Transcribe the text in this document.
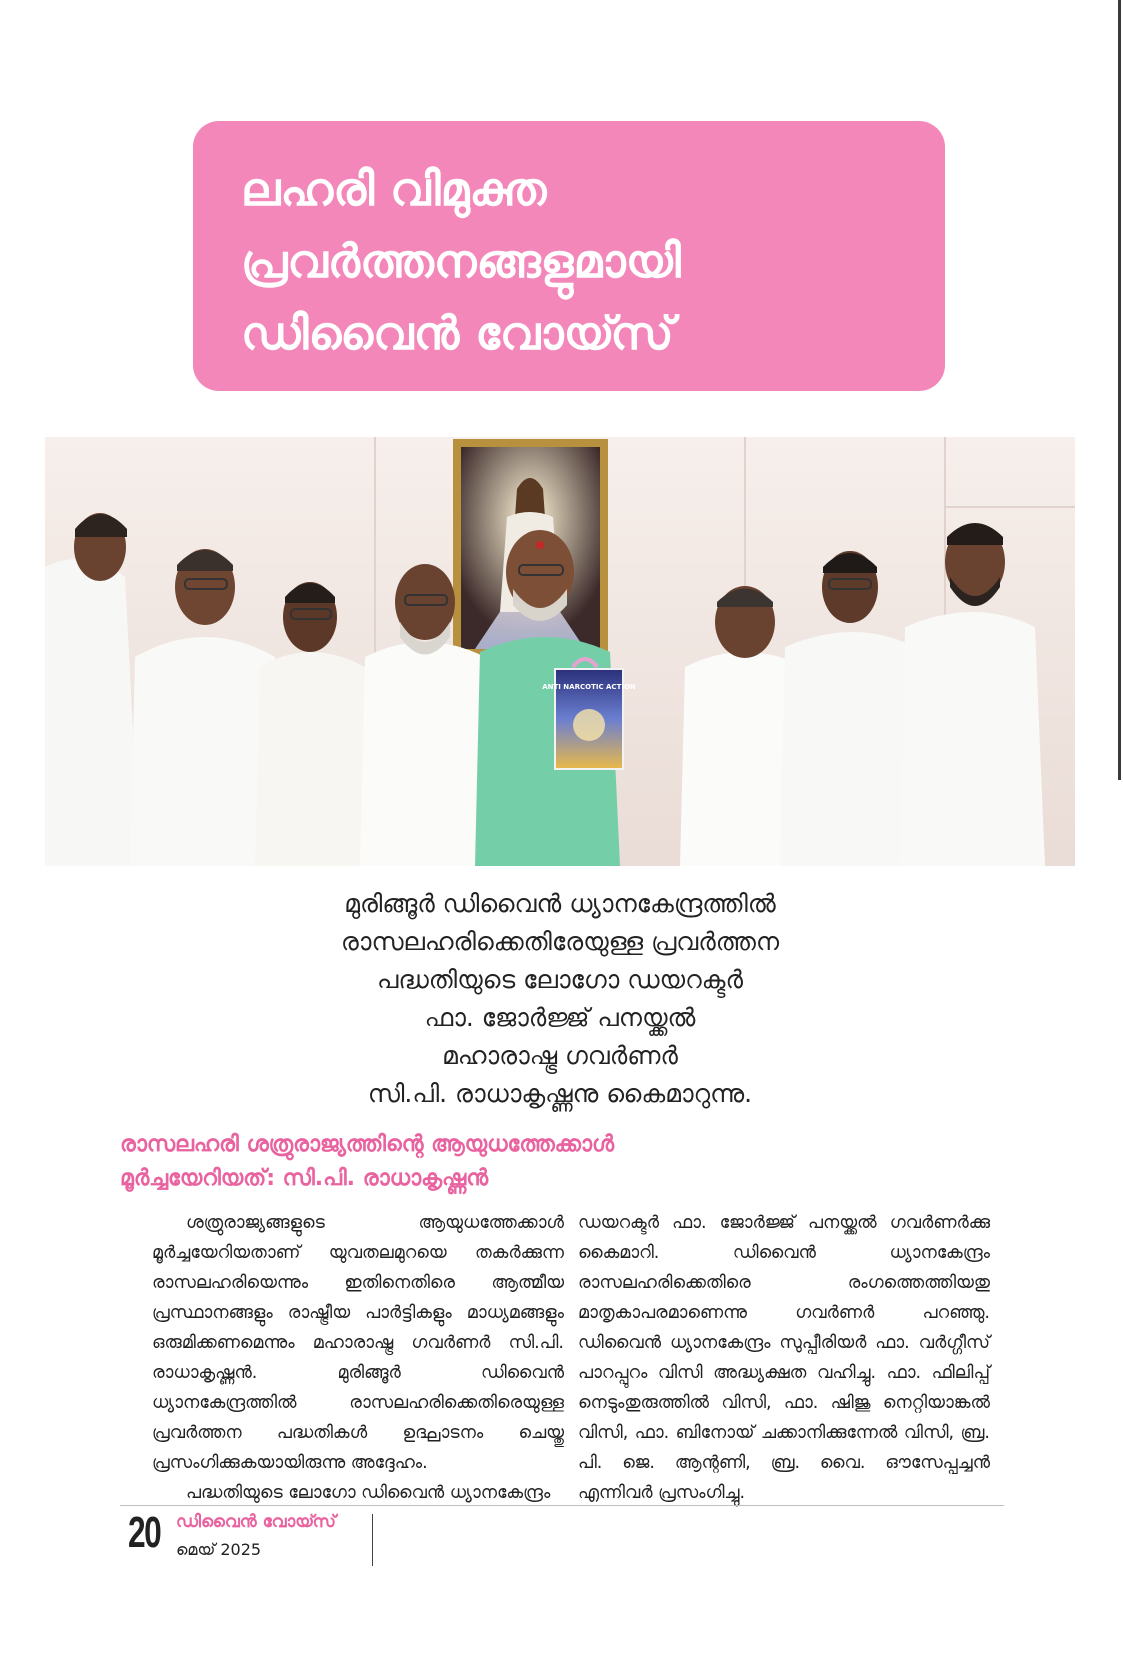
ലഹരി വിമുക്ത
പ്രവർത്തനങ്ങളുമായി
ഡിവൈൻ വോയ്സ്
ANTI NARCOTIC ACTION
മുരിങ്ങൂർ ഡിവൈൻ ധ്യാനകേന്ദ്രത്തിൽ
രാസലഹരിക്കെതിരേയുള്ള പ്രവർത്തന
പദ്ധതിയുടെ ലോഗോ ഡയറക്ടർ
ഫാ. ജോർജ്ജ് പനയ്ക്കൽ
മഹാരാഷ്ട്ര ഗവർണർ
സി.പി. രാധാകൃഷ്ണനു കൈമാറുന്നു.
രാസലഹരി ശത്രുരാജ്യത്തിന്റെ ആയുധത്തേക്കാൾ
മൂർച്ചയേറിയത്: സി.പി. രാധാകൃഷ്ണൻ

ശത്രുരാജ്യങ്ങളുടെ ആയുധത്തേക്കാൾ മൂർച്ചയേറിയതാണ് യുവതലമുറയെ തകർക്കുന്ന രാസലഹരിയെന്നും ഇതിനെതിരെ ആത്മീയ പ്രസ്ഥാനങ്ങളും രാഷ്ട്രീയ പാർട്ടികളും മാധ്യമങ്ങളും ഒരുമിക്കണമെന്നും മഹാരാഷ്ട്ര ഗവർണർ സി.പി. രാധാകൃഷ്ണൻ. മുരിങ്ങൂർ ഡിവൈൻ ധ്യാനകേന്ദ്രത്തിൽ രാസലഹരിക്കെതിരെയുള്ള പ്രവർത്തന പദ്ധതികൾ ഉദ്ഘാടനം ചെയ്തു പ്രസംഗിക്കുകയായിരുന്നു അദ്ദേഹം.

പദ്ധതിയുടെ ലോഗോ ഡിവൈൻ ധ്യാനകേന്ദ്രം

ഡയറക്ടർ ഫാ. ജോർജ്ജ് പനയ്ക്കൽ ഗവർണർക്കു കൈമാറി. ഡിവൈൻ ധ്യാനകേന്ദ്രം രാസലഹരിക്കെതിരെ രംഗത്തെത്തിയതു മാതൃകാപരമാണെന്നു ഗവർണർ പറഞ്ഞു. ഡിവൈൻ ധ്യാനകേന്ദ്രം സുപ്പീരിയർ ഫാ. വർഗ്ഗീസ് പാറപ്പുറം വിസി അദ്ധ്യക്ഷത വഹിച്ചു. ഫാ. ഫിലിപ്പ് നെടുംതുരുത്തിൽ വിസി, ഫാ. ഷിജു നെറ്റിയാങ്കൽ വിസി, ഫാ. ബിനോയ് ചക്കാനിക്കുന്നേൽ വിസി, ബ്ര. പി. ജെ. ആന്റണി, ബ്ര. വൈ. ഔസേപ്പച്ചൻ എന്നിവർ പ്രസംഗിച്ചു.

20 ഡിവൈൻ വോയ്സ്
മെയ് 2025
